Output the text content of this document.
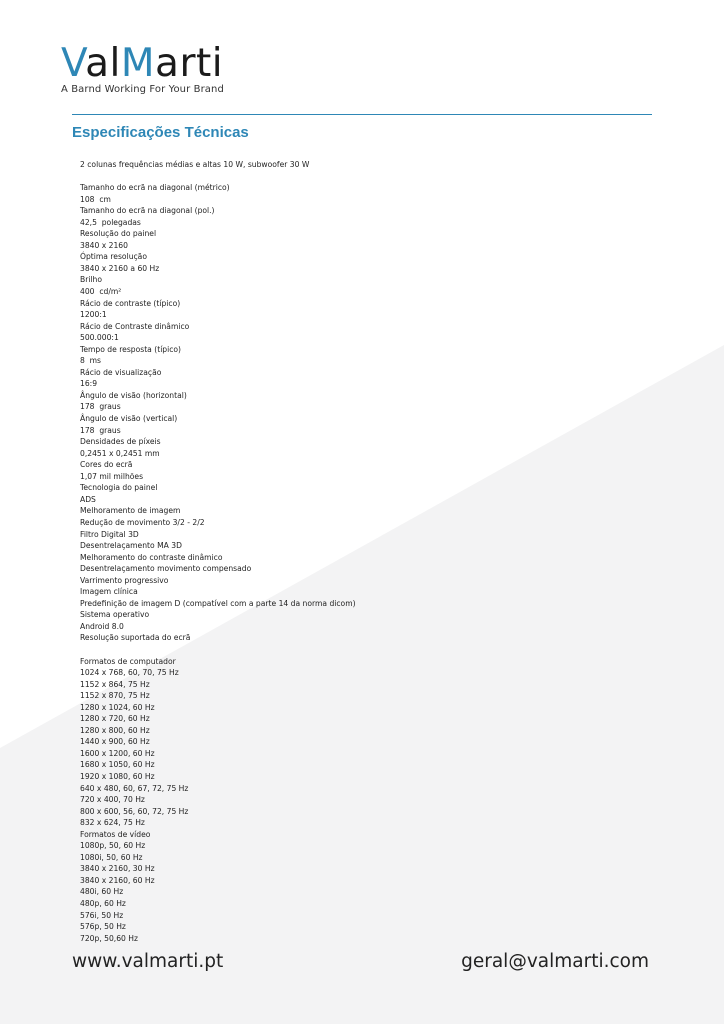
ValMarti
A Barnd Working For Your Brand
Especificações Técnicas
2 colunas frequências médias e altas 10 W, subwoofer 30 W
Tamanho do ecrã na diagonal (métrico)
108  cm
Tamanho do ecrã na diagonal (pol.)
42,5  polegadas
Resolução do painel
3840 x 2160
Óptima resolução
3840 x 2160 a 60 Hz
Brilho
400  cd/m²
Rácio de contraste (típico)
1200:1
Rácio de Contraste dinâmico
500.000:1
Tempo de resposta (típico)
8  ms
Rácio de visualização
16:9
Ângulo de visão (horizontal)
178  graus
Ângulo de visão (vertical)
178  graus
Densidades de píxeis
0,2451 x 0,2451 mm
Cores do ecrã
1,07 mil milhões
Tecnologia do painel
ADS
Melhoramento de imagem
Redução de movimento 3/2 - 2/2
Filtro Digital 3D
Desentrelaçamento MA 3D
Melhoramento do contraste dinâmico
Desentrelaçamento movimento compensado
Varrimento progressivo
Imagem clínica
Predefinição de imagem D (compatível com a parte 14 da norma dicom)
Sistema operativo
Android 8.0
Resolução suportada do ecrã
Formatos de computador
1024 x 768, 60, 70, 75 Hz
1152 x 864, 75 Hz
1152 x 870, 75 Hz
1280 x 1024, 60 Hz
1280 x 720, 60 Hz
1280 x 800, 60 Hz
1440 x 900, 60 Hz
1600 x 1200, 60 Hz
1680 x 1050, 60 Hz
1920 x 1080, 60 Hz
640 x 480, 60, 67, 72, 75 Hz
720 x 400, 70 Hz
800 x 600, 56, 60, 72, 75 Hz
832 x 624, 75 Hz
Formatos de vídeo
1080p, 50, 60 Hz
1080i, 50, 60 Hz
3840 x 2160, 30 Hz
3840 x 2160, 60 Hz
480i, 60 Hz
480p, 60 Hz
576i, 50 Hz
576p, 50 Hz
720p, 50,60 Hz
www.valmarti.pt	geral@valmarti.com
